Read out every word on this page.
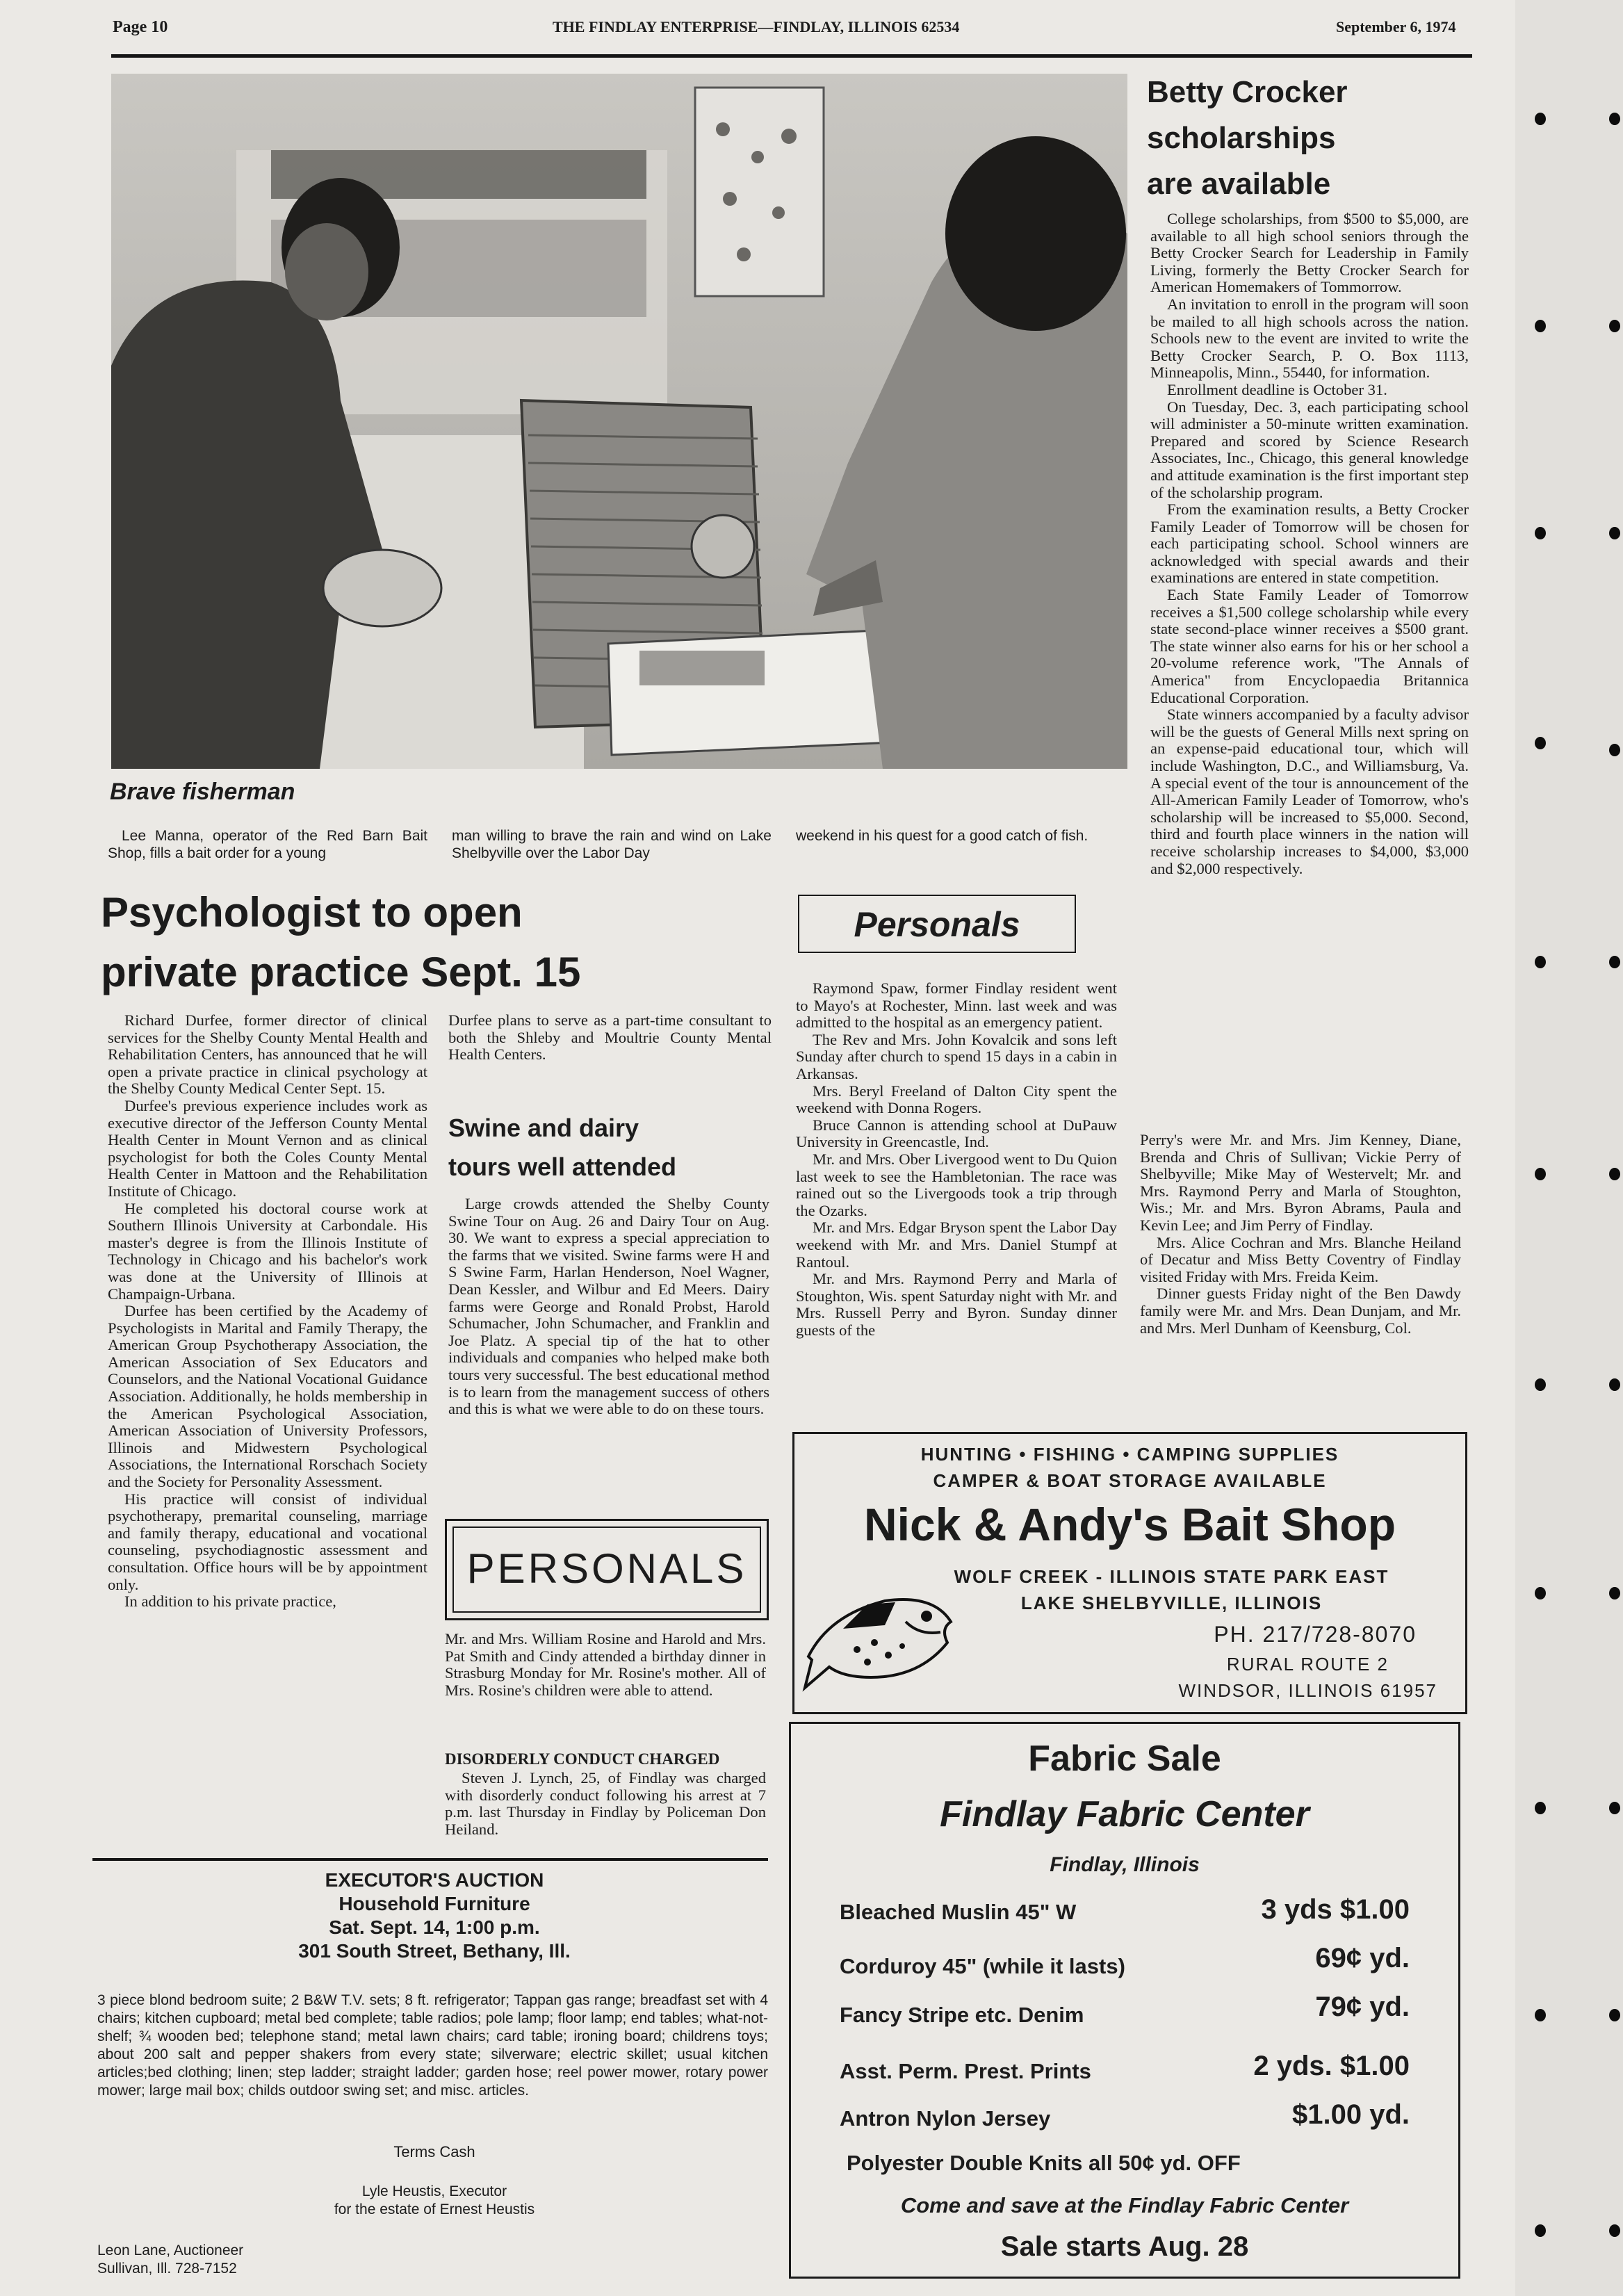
Page 10	THE FINDLAY ENTERPRISE—FINDLAY, ILLINOIS 62534	September 6, 1974
Brave fisherman
Lee Manna, operator of the Red Barn Bait Shop, fills a bait order for a young
man willing to brave the rain and wind on Lake Shelbyville over the Labor Day
weekend in his quest for a good catch of fish.
Betty Crocker
scholarships
are available

College scholarships, from $500 to $5,000, are available to all high school seniors through the Betty Crocker Search for Leadership in Family Living, formerly the Betty Crocker Search for American Homemakers of Tommorrow.

An invitation to enroll in the program will soon be mailed to all high schools across the nation. Schools new to the event are invited to write the Betty Crocker Search, P. O. Box 1113, Minneapolis, Minn., 55440, for information.

Enrollment deadline is October 31.

On Tuesday, Dec. 3, each participating school will administer a 50-minute written examination. Prepared and scored by Science Research Associates, Inc., Chicago, this general knowledge and attitude examination is the first important step of the scholarship program.

From the examination results, a Betty Crocker Family Leader of Tomorrow will be chosen for each participating school. School winners are acknowledged with special awards and their examinations are entered in state competition.

Each State Family Leader of Tomorrow receives a $1,500 college scholarship while every state second-place winner receives a $500 grant. The state winner also earns for his or her school a 20-volume reference work, "The Annals of America" from Encyclopaedia Britannica Educational Corporation.

State winners accompanied by a faculty advisor will be the guests of General Mills next spring on an expense-paid educational tour, which will include Washington, D.C., and Williamsburg, Va. A special event of the tour is announcement of the All-American Family Leader of Tomorrow, who's scholarship will be increased to $5,000. Second, third and fourth place winners in the nation will receive scholarship increases to $4,000, $3,000 and $2,000 respectively.

Psychologist to open
private practice Sept. 15

Richard Durfee, former director of clinical services for the Shelby County Mental Health and Rehabilitation Centers, has announced that he will open a private practice in clinical psychology at the Shelby County Medical Center Sept. 15.

Durfee's previous experience includes work as executive director of the Jefferson County Mental Health Center in Mount Vernon and as clinical psychologist for both the Coles County Mental Health Center in Mattoon and the Rehabilitation Institute of Chicago.

He completed his doctoral course work at Southern Illinois University at Carbondale. His master's degree is from the Illinois Institute of Technology in Chicago and his bachelor's work was done at the University of Illinois at Champaign-Urbana.

Durfee has been certified by the Academy of Psychologists in Marital and Family Therapy, the American Group Psychotherapy Association, the American Association of Sex Educators and Counselors, and the National Vocational Guidance Association. Additionally, he holds membership in the American Psychological Association, American Association of University Professors, Illinois and Midwestern Psychological Associations, the International Rorschach Society and the Society for Personality Assessment.

His practice will consist of individual psychotherapy, premarital counseling, marriage and family therapy, educational and vocational counseling, psychodiagnostic assessment and consultation. Office hours will be by appointment only.

In addition to his private practice,

Durfee plans to serve as a part-time consultant to both the Shleby and Moultrie County Mental Health Centers.

Swine and dairy
tours well attended

Large crowds attended the Shelby County Swine Tour on Aug. 26 and Dairy Tour on Aug. 30. We want to express a special appreciation to the farms that we visited. Swine farms were H and S Swine Farm, Harlan Henderson, Noel Wagner, Dean Kessler, and Wilbur and Ed Meers. Dairy farms were George and Ronald Probst, Harold Schumacher, John Schumacher, and Franklin and Joe Platz. A special tip of the hat to other individuals and companies who helped make both tours very successful. The best educational method is to learn from the management success of others and this is what we were able to do on these tours.

PERSONALS

Mr. and Mrs. William Rosine and Harold and Mrs. Pat Smith and Cindy attended a birthday dinner in Strasburg Monday for Mr. Rosine's mother. All of Mrs. Rosine's children were able to attend.

DISORDERLY CONDUCT CHARGED

Steven J. Lynch, 25, of Findlay was charged with disorderly conduct following his arrest at 7 p.m. last Thursday in Findlay by Policeman Don Heiland.

Personals

Raymond Spaw, former Findlay resident went to Mayo's at Rochester, Minn. last week and was admitted to the hospital as an emergency patient.

The Rev and Mrs. John Kovalcik and sons left Sunday after church to spend 15 days in a cabin in Arkansas.

Mrs. Beryl Freeland of Dalton City spent the weekend with Donna Rogers.

Bruce Cannon is attending school at DuPauw University in Greencastle, Ind.

Mr. and Mrs. Ober Livergood went to Du Quion last week to see the Hambletonian. The race was rained out so the Livergoods took a trip through the Ozarks.

Mr. and Mrs. Edgar Bryson spent the Labor Day weekend with Mr. and Mrs. Daniel Stumpf at Rantoul.

Mr. and Mrs. Raymond Perry and Marla of Stoughton, Wis. spent Saturday night with Mr. and Mrs. Russell Perry and Byron. Sunday dinner guests of the

Perry's were Mr. and Mrs. Jim Kenney, Diane, Brenda and Chris of Sullivan; Vickie Perry of Shelbyville; Mike May of Westervelt; Mr. and Mrs. Raymond Perry and Marla of Stoughton, Wis.; Mr. and Mrs. Byron Abrams, Paula and Kevin Lee; and Jim Perry of Findlay.

Mrs. Alice Cochran and Mrs. Blanche Heiland of Decatur and Miss Betty Coventry of Findlay visited Friday with Mrs. Freida Keim.

Dinner guests Friday night of the Ben Dawdy family were Mr. and Mrs. Dean Dunjam, and Mr. and Mrs. Merl Dunham of Keensburg, Col.

HUNTING • FISHING • CAMPING SUPPLIES
CAMPER & BOAT STORAGE AVAILABLE
Nick & Andy's Bait Shop
WOLF CREEK - ILLINOIS STATE PARK EAST
LAKE SHELBYVILLE, ILLINOIS
PH. 217/728-8070
RURAL ROUTE 2
WINDSOR, ILLINOIS 61957
Fabric Sale
Findlay Fabric Center
Findlay, Illinois
Bleached Muslin 45" W	3 yds $1.00
Corduroy 45" (while it lasts)	69¢ yd.
Fancy Stripe etc. Denim	79¢ yd.
Asst. Perm. Prest. Prints	2 yds. $1.00
Antron Nylon Jersey	$1.00 yd.
Polyester Double Knits all 50¢ yd. OFF
Come and save at the Findlay Fabric Center
Sale starts Aug. 28
EXECUTOR'S AUCTION
Household Furniture
Sat. Sept. 14, 1:00 p.m.
301 South Street, Bethany, Ill.
3 piece blond bedroom suite; 2 B&W T.V. sets; 8 ft. refrigerator; Tappan gas range; breadfast set with 4 chairs; kitchen cupboard; metal bed complete; table radios; pole lamp; floor lamp; end tables; what-not-shelf; ¾ wooden bed; telephone stand; metal lawn chairs; card table; ironing board; childrens toys; about 200 salt and pepper shakers from every state; silverware; electric skillet; usual kitchen articles;bed clothing; linen; step ladder; straight ladder; garden hose; reel power mower, rotary power mower; large mail box; childs outdoor swing set; and misc. articles.
Terms Cash
Lyle Heustis, Executor
for the estate of Ernest Heustis
Leon Lane, Auctioneer
Sullivan, Ill. 728-7152
